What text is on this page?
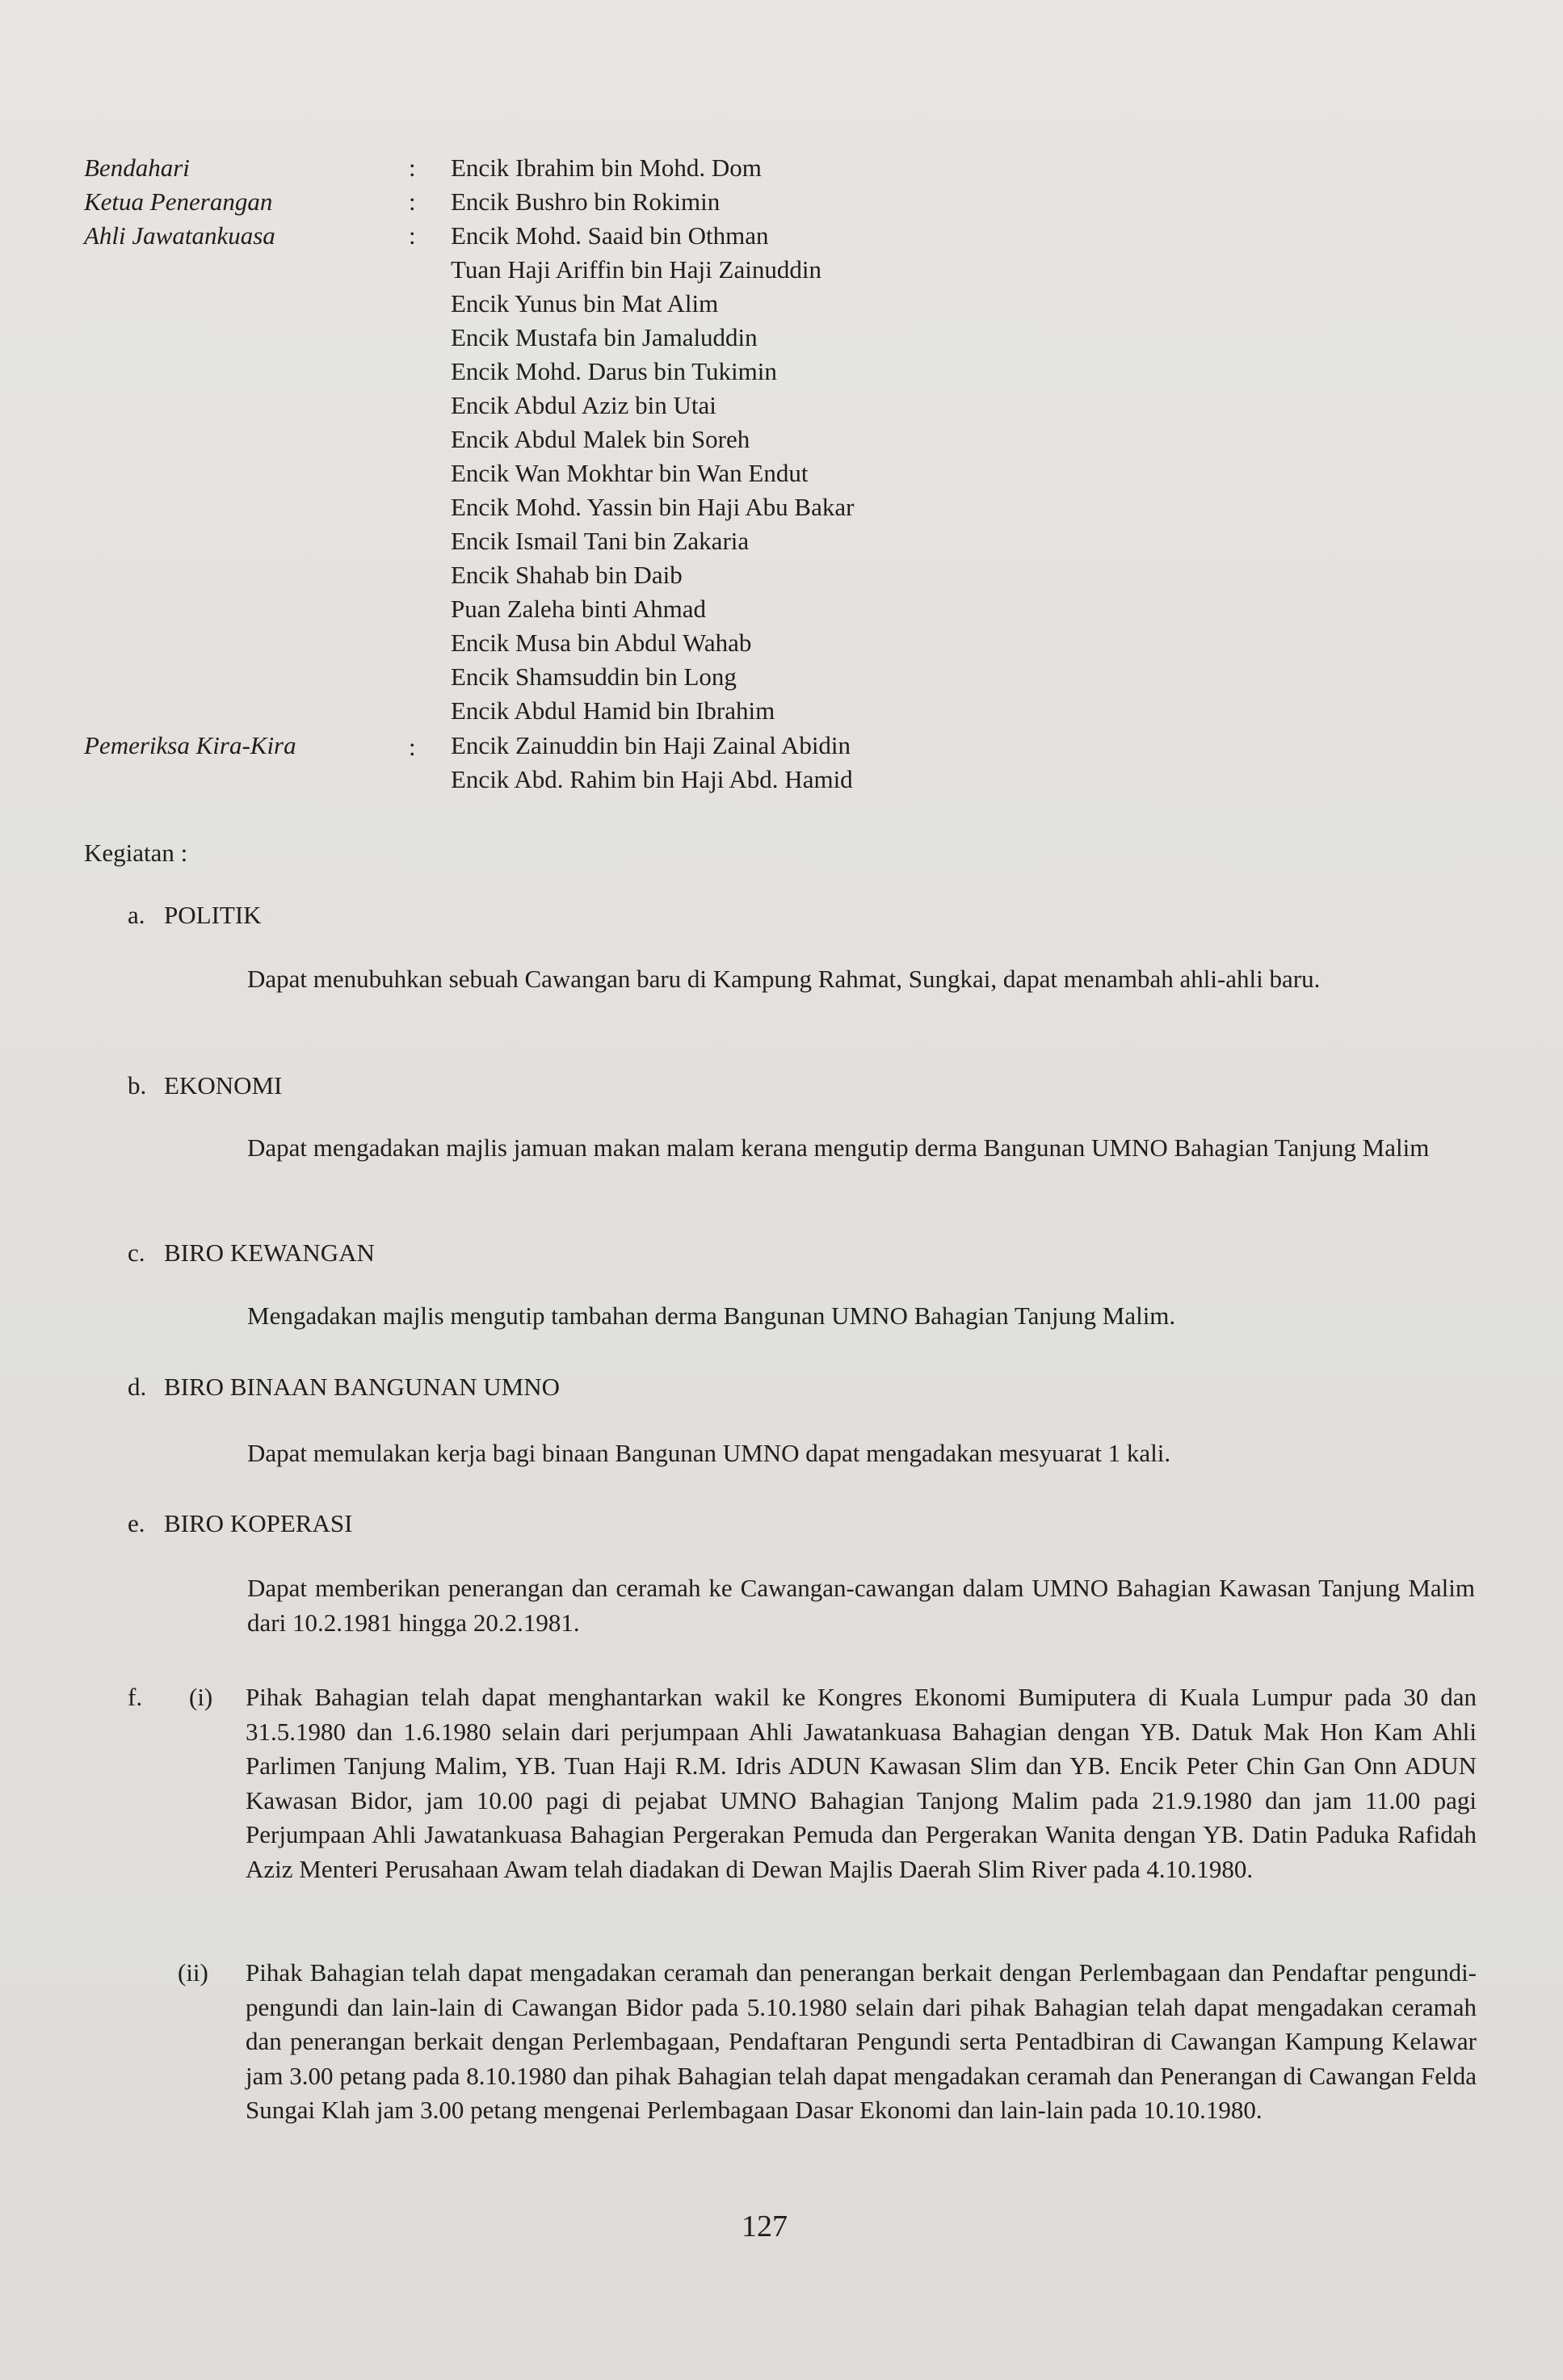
Bendahari	: Encik Ibrahim bin Mohd. Dom
Ketua Penerangan	: Encik Bushro bin Rokimin
Ahli Jawatankuasa	: Encik Mohd. Saaid bin Othman
Tuan Haji Ariffin bin Haji Zainuddin
Encik Yunus bin Mat Alim
Encik Mustafa bin Jamaluddin
Encik Mohd. Darus bin Tukimin
Encik Abdul Aziz bin Utai
Encik Abdul Malek bin Soreh
Encik Wan Mokhtar bin Wan Endut
Encik Mohd. Yassin bin Haji Abu Bakar
Encik Ismail Tani bin Zakaria
Encik Shahab bin Daib
Puan Zaleha binti Ahmad
Encik Musa bin Abdul Wahab
Encik Shamsuddin bin Long
Encik Abdul Hamid bin Ibrahim
Pemeriksa Kira-Kira	: Encik Zainuddin bin Haji Zainal Abidin
Encik Abd. Rahim bin Haji Abd. Hamid
Kegiatan :
a. POLITIK
Dapat menubuhkan sebuah Cawangan baru di Kampung Rahmat, Sungkai, dapat menambah ahli-ahli baru.
b. EKONOMI
Dapat mengadakan majlis jamuan makan malam kerana mengutip derma Bangunan UMNO Bahagian Tanjung Malim
c. BIRO KEWANGAN
Mengadakan majlis mengutip tambahan derma Bangunan UMNO Bahagian Tanjung Malim.
d. BIRO BINAAN BANGUNAN UMNO
Dapat memulakan kerja bagi binaan Bangunan UMNO dapat mengadakan mesyuarat 1 kali.
e. BIRO KOPERASI
Dapat memberikan penerangan dan ceramah ke Cawangan-cawangan dalam UMNO Bahagian Kawasan Tanjung Malim dari 10.2.1981 hingga 20.2.1981.
f. (i) Pihak Bahagian telah dapat menghantarkan wakil ke Kongres Ekonomi Bumiputera di Kuala Lumpur pada 30 dan 31.5.1980 dan 1.6.1980 selain dari perjumpaan Ahli Jawatankuasa Bahagian dengan YB. Datuk Mak Hon Kam Ahli Parlimen Tanjung Malim, YB. Tuan Haji R.M. Idris ADUN Kawasan Slim dan YB. Encik Peter Chin Gan Onn ADUN Kawasan Bidor, jam 10.00 pagi di pejabat UMNO Bahagian Tanjong Malim pada 21.9.1980 dan jam 11.00 pagi Perjumpaan Ahli Jawatankuasa Bahagian Pergerakan Pemuda dan Pergerakan Wanita dengan YB. Datin Paduka Rafidah Aziz Menteri Perusahaan Awam telah diadakan di Dewan Majlis Daerah Slim River pada 4.10.1980.
(ii) Pihak Bahagian telah dapat mengadakan ceramah dan penerangan berkait dengan Perlembagaan dan Pendaftar pengundi-pengundi dan lain-lain di Cawangan Bidor pada 5.10.1980 selain dari pihak Bahagian telah dapat mengadakan ceramah dan penerangan berkait dengan Perlembagaan, Pendaftaran Pengundi serta Pentadbiran di Cawangan Kampung Kelawar jam 3.00 petang pada 8.10.1980 dan pihak Bahagian telah dapat mengadakan ceramah dan Penerangan di Cawangan Felda Sungai Klah jam 3.00 petang mengenai Perlembagaan Dasar Ekonomi dan lain-lain pada 10.10.1980.
127
